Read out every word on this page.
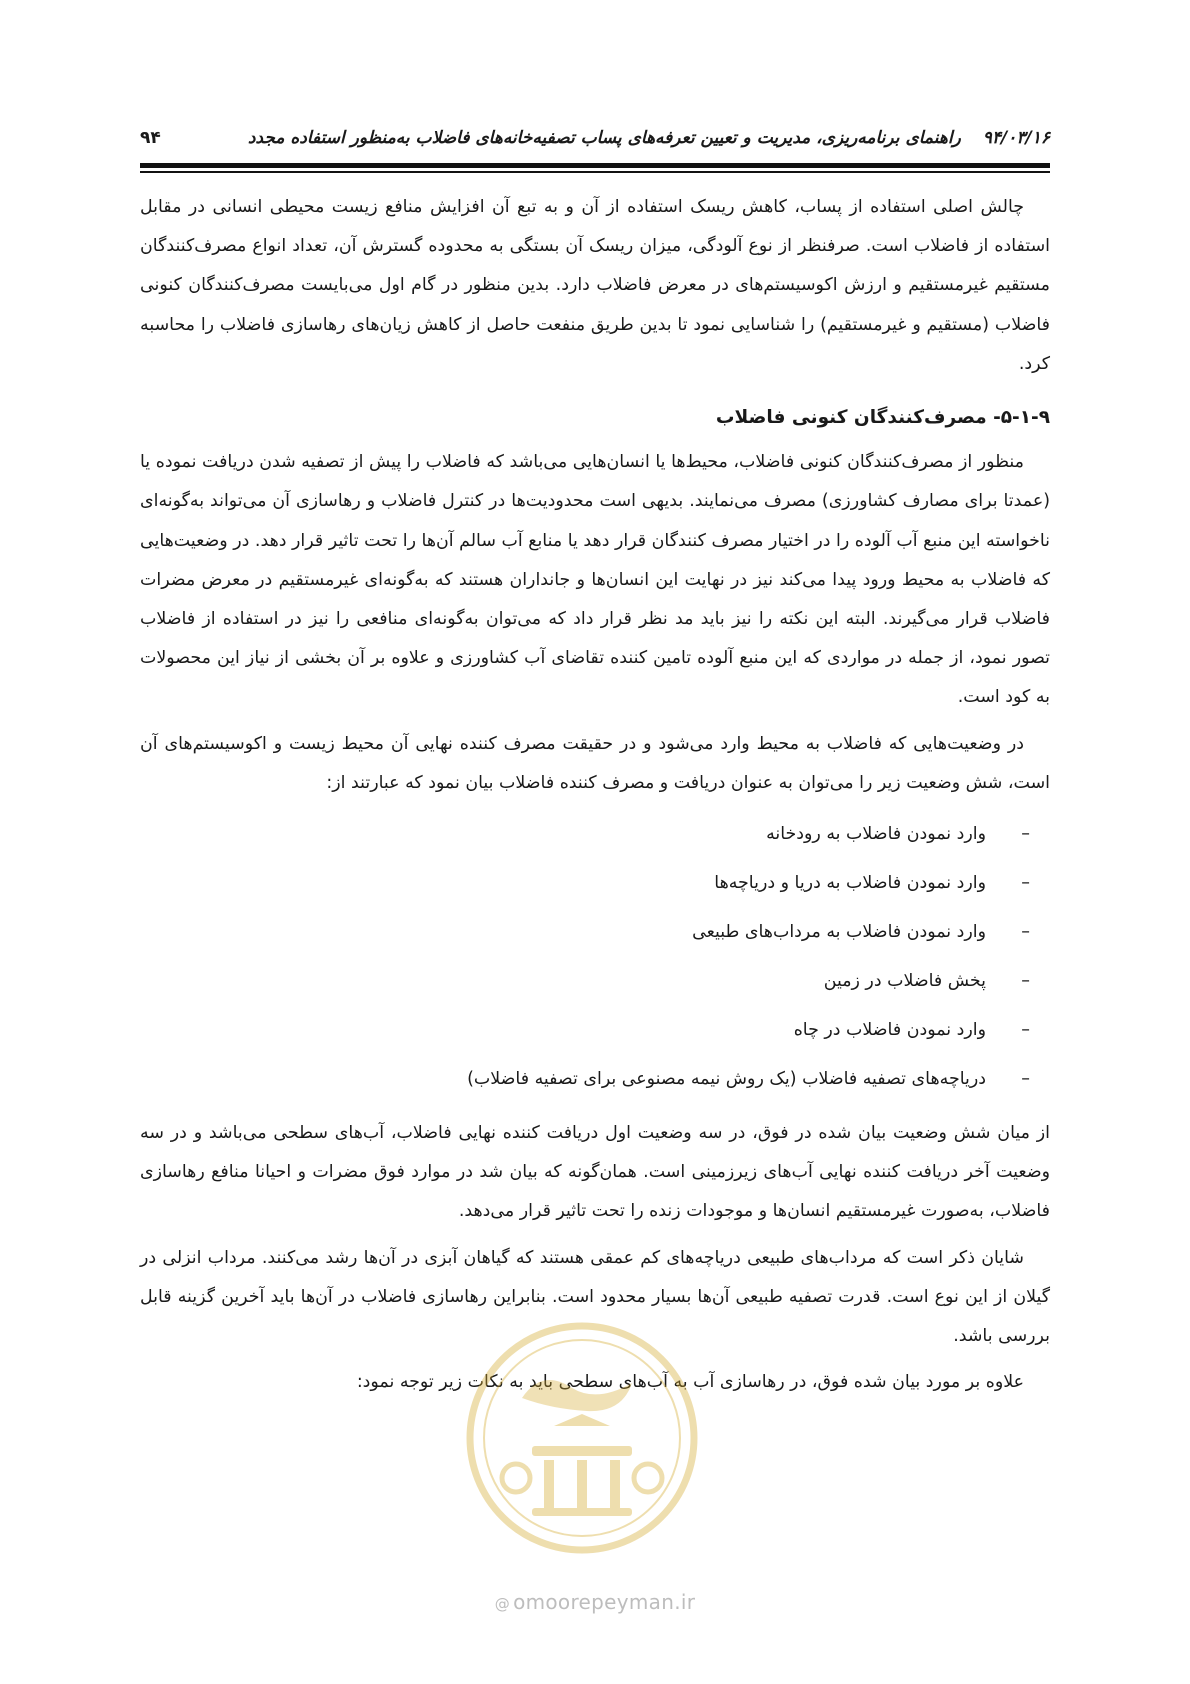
۹۴/۰۳/۱۶راهنمای برنامه‌ریزی، مدیریت و تعیین تعرفه‌های پساب تصفیه‌خانه‌های فاضلاب به‌منظور استفاده مجدد
۹۴

چالش اصلی استفاده از پساب، کاهش ریسک استفاده از آن و به تبع آن افزایش منافع زیست محیطی انسانی در مقابل استفاده از فاضلاب است. صرفنظر از نوع آلودگی، میزان ریسک آن بستگی به محدوده گسترش آن، تعداد انواع مصرف‌کنندگان مستقیم غیرمستقیم و ارزش اکوسیستم‌های در معرض فاضلاب دارد. بدین منظور در گام اول می‌بایست مصرف‌کنندگان کنونی فاضلاب (مستقیم و غیرمستقیم) را شناسایی نمود تا بدین طریق منفعت حاصل از کاهش زیان‌های رهاسازی فاضلاب را محاسبه کرد.

۵-۱-۹- مصرف‌کنندگان کنونی فاضلاب

منظور از مصرف‌کنندگان کنونی فاضلاب، محیط‌ها یا انسان‌هایی می‌باشد که فاضلاب را پیش از تصفیه شدن دریافت نموده یا (عمدتا برای مصارف کشاورزی) مصرف می‌نمایند. بدیهی است محدودیت‌ها در کنترل فاضلاب و رهاسازی آن می‌تواند به‌گونه‌ای ناخواسته این منبع آب آلوده را در اختیار مصرف کنندگان قرار دهد یا منابع آب سالم آن‌ها را تحت تاثیر قرار دهد. در وضعیت‌هایی که فاضلاب به محیط ورود پیدا می‌کند نیز در نهایت این انسان‌ها و جانداران هستند که به‌گونه‌ای غیرمستقیم در معرض مضرات فاضلاب قرار می‌گیرند. البته این نکته را نیز باید مد نظر قرار داد که می‌توان به‌گونه‌ای منافعی را نیز در استفاده از فاضلاب تصور نمود، از جمله در مواردی که این منبع آلوده تامین کننده تقاضای آب کشاورزی و علاوه بر آن بخشی از نیاز این محصولات به کود است.

در وضعیت‌هایی که فاضلاب به محیط وارد می‌شود و در حقیقت مصرف کننده نهایی آن محیط زیست و اکوسیستم‌های آن است، شش وضعیت زیر را می‌توان به عنوان دریافت و مصرف کننده فاضلاب بیان نمود که عبارتند از:

–
وارد نمودن فاضلاب به رودخانه
–
وارد نمودن فاضلاب به دریا و دریاچه‌ها
–
وارد نمودن فاضلاب به مرداب‌های طبیعی
–
پخش فاضلاب در زمین
–
وارد نمودن فاضلاب در چاه
–
دریاچه‌های تصفیه فاضلاب (یک روش نیمه مصنوعی برای تصفیه فاضلاب)

از میان شش وضعیت بیان شده در فوق، در سه وضعیت اول دریافت کننده نهایی فاضلاب، آب‌های سطحی می‌باشد و در سه وضعیت آخر دریافت کننده نهایی آب‌های زیرزمینی است. همان‌گونه که بیان شد در موارد فوق مضرات و احیانا منافع رهاسازی فاضلاب، به‌صورت غیرمستقیم انسان‌ها و موجودات زنده را تحت تاثیر قرار می‌دهد.

شایان ذکر است که مرداب‌های طبیعی دریاچه‌های کم عمقی هستند که گیاهان آبزی در آن‌ها رشد می‌کنند. مرداب انزلی در گیلان از این نوع است. قدرت تصفیه طبیعی آن‌ها بسیار محدود است. بنابراین رهاسازی فاضلاب در آن‌ها باید آخرین گزینه قابل بررسی باشد.

علاوه بر مورد بیان شده فوق، در رهاسازی آب به آب‌های سطحی باید به نکات زیر توجه نمود:

@ omoorepeyman.ir
